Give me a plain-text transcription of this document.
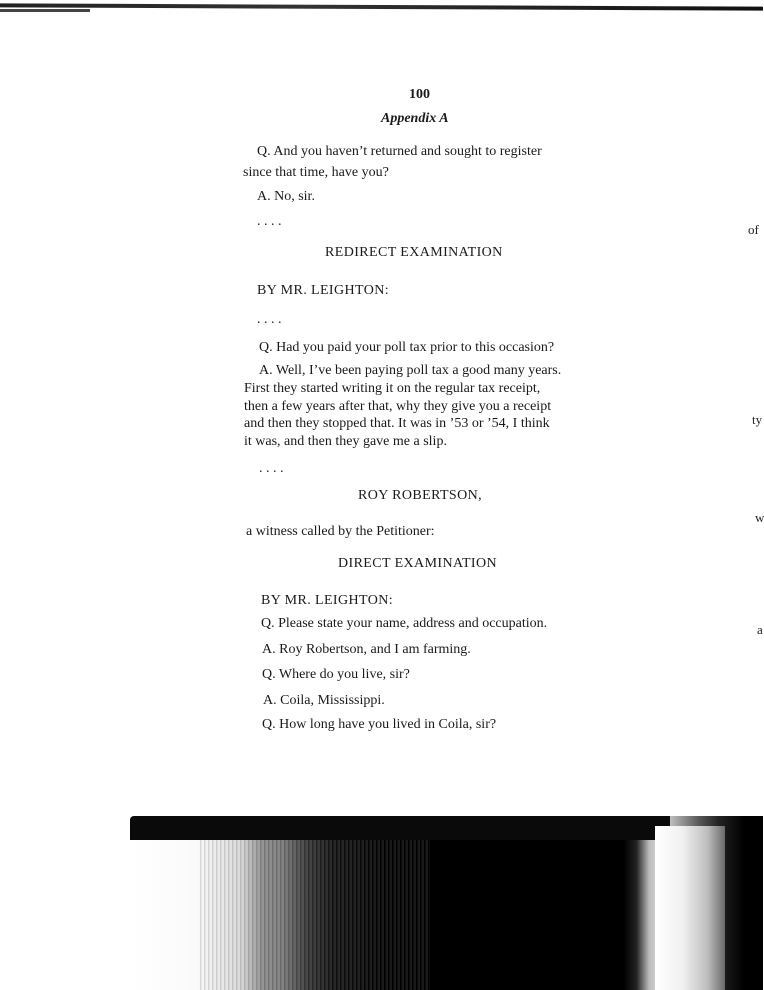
100
Appendix A
Q. And you haven’t returned and sought to register
since that time, have you?
A. No, sir.
. . . .
REDIRECT EXAMINATION
BY MR. LEIGHTON:
. . . .
Q. Had you paid your poll tax prior to this occasion?
A. Well, I’ve been paying poll tax a good many years.
First they started writing it on the regular tax receipt,
then a few years after that, why they give you a receipt
and then they stopped that. It was in ’53 or ’54, I think
it was, and then they gave me a slip.
. . . .
ROY ROBERTSON,
a witness called by the Petitioner:
DIRECT EXAMINATION
BY MR. LEIGHTON:
Q. Please state your name, address and occupation.
A. Roy Robertson, and I am farming.
Q. Where do you live, sir?
A. Coila, Mississippi.
Q. How long have you lived in Coila, sir?
of
ty
w
a
